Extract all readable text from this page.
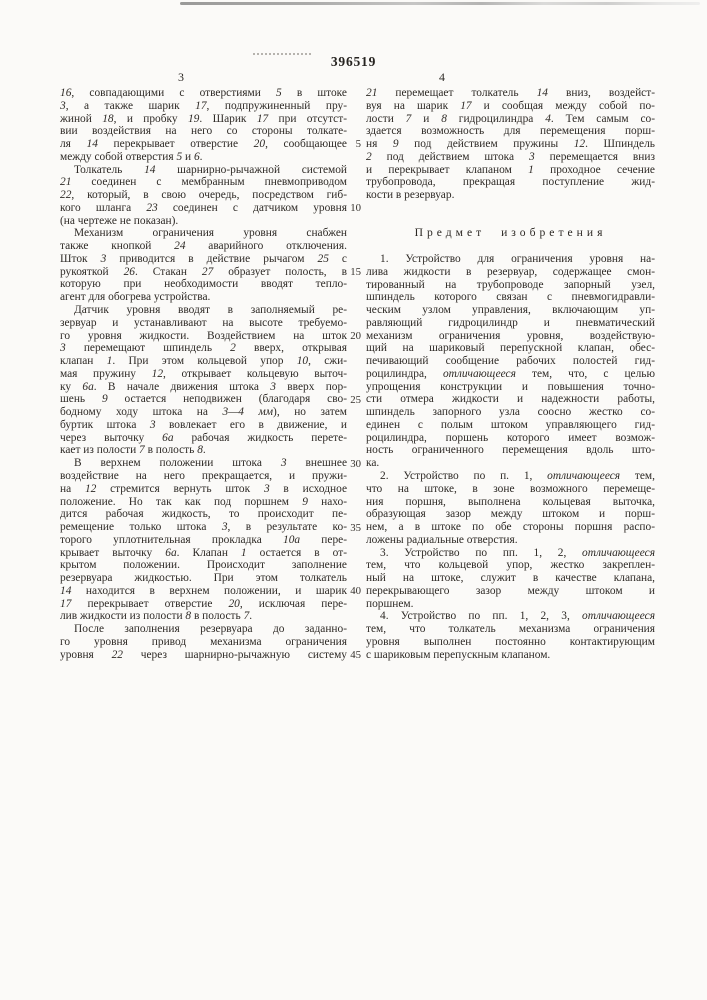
396519
3	4
16, совпадающими с отверстиями 5 в штоке
3, а также шарик 17, подпружиненный пру-
жиной 18, и пробку 19. Шарик 17 при отсутст-
вии воздействия на него со стороны толкате-
ля 14 перекрывает отверстие 20, сообщающее
между собой отверстия 5 и 6.
Толкатель 14 шарнирно-рычажной системой
21 соединен с мембранным пневмоприводом
22, который, в свою очередь, посредством гиб-
кого шланга 23 соединен с датчиком уровня
(на чертеже не показан).
Механизм ограничения уровня снабжен
также кнопкой 24 аварийного отключения.
Шток 3 приводится в действие рычагом 25 с
рукояткой 26. Стакан 27 образует полость, в
которую при необходимости вводят тепло-
агент для обогрева устройства.
Датчик уровня вводят в заполняемый ре-
зервуар и устанавливают на высоте требуемо-
го уровня жидкости. Воздействием на шток
3 перемещают шпиндель 2 вверх, открывая
клапан 1. При этом кольцевой упор 10, сжи-
мая пружину 12, открывает кольцевую выточ-
ку 6а. В начале движения штока 3 вверх пор-
шень 9 остается неподвижен (благодаря сво-
бодному ходу штока на 3—4 мм), но затем
буртик штока 3 вовлекает его в движение, и
через выточку 6а рабочая жидкость перете-
кает из полости 7 в полость 8.
В верхнем положении штока 3 внешнее
воздействие на него прекращается, и пружи-
на 12 стремится вернуть шток 3 в исходное
положение. Но так как под поршнем 9 нахо-
дится рабочая жидкость, то происходит пе-
ремещение только штока 3, в результате ко-
торого уплотнительная прокладка 10а пере-
крывает выточку 6а. Клапан 1 остается в от-
крытом положении. Происходит заполнение
резервуара жидкостью. При этом толкатель
14 находится в верхнем положении, и шарик
17 перекрывает отверстие 20, исключая пере-
лив жидкости из полости 8 в полость 7.
После заполнения резервуара до заданно-
го уровня привод механизма ограничения
уровня 22 через шарнирно-рычажную систему
5
10
15
20
25
30
35
40
45
21 перемещает толкатель 14 вниз, воздейст-
вуя на шарик 17 и сообщая между собой по-
лости 7 и 8 гидроцилиндра 4. Тем самым со-
здается возможность для перемещения порш-
ня 9 под действием пружины 12. Шпиндель
2 под действием штока 3 перемещается вниз
и перекрывает клапаном 1 проходное сечение
трубопровода, прекращая поступление жид-
кости в резервуар.
Предмет изобретения
1. Устройство для ограничения уровня на-
лива жидкости в резервуар, содержащее смон-
тированный на трубопроводе запорный узел,
шпиндель которого связан с пневмогидравли-
ческим узлом управления, включающим уп-
равляющий гидроцилиндр и пневматический
механизм ограничения уровня, воздействую-
щий на шариковый перепускной клапан, обес-
печивающий сообщение рабочих полостей гид-
роцилиндра, отличающееся тем, что, с целью
упрощения конструкции и повышения точно-
сти отмера жидкости и надежности работы,
шпиндель запорного узла соосно жестко со-
единен с полым штоком управляющего гид-
роцилиндра, поршень которого имеет возмож-
ность ограниченного перемещения вдоль што-
ка.
2. Устройство по п. 1, отличающееся тем,
что на штоке, в зоне возможного перемеще-
ния поршня, выполнена кольцевая выточка,
образующая зазор между штоком и порш-
нем, а в штоке по обе стороны поршня распо-
ложены радиальные отверстия.
3. Устройство по пп. 1, 2, отличающееся
тем, что кольцевой упор, жестко закреплен-
ный на штоке, служит в качестве клапана,
перекрывающего зазор между штоком и
поршнем.
4. Устройство по пп. 1, 2, 3, отличающееся
тем, что толкатель механизма ограничения
уровня выполнен постоянно контактирующим
с шариковым перепускным клапаном.
